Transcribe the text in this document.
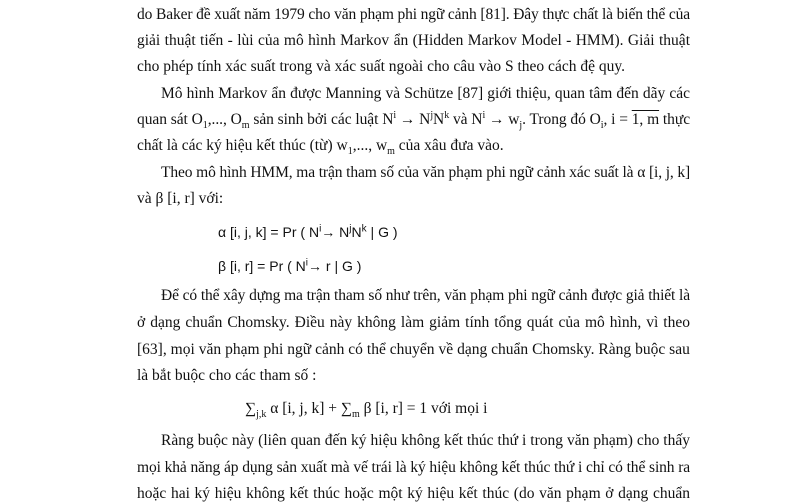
do Baker đề xuất năm 1979 cho văn phạm phi ngữ cảnh [81]. Đây thực chất là biến thể của
giải thuật tiến - lùi của mô hình Markov ẩn (Hidden Markov Model - HMM). Giải thuật
cho phép tính xác suất trong và xác suất ngoài cho câu vào S theo cách đệ quy.
Mô hình Markov ẩn được Manning và Schütze [87] giới thiệu, quan tâm đến dãy các
quan sát $O_1$,..., $O_m$ sản sinh bởi các luật $N^i \to N^jN^k$ và $N^i \to w_j$. Trong đó $O_i$, i = 1, m thực
chất là các ký hiệu kết thúc (từ) $w_1$,..., $w_m$ của xâu đưa vào.
Theo mô hình HMM, ma trận tham số của văn phạm phi ngữ cảnh xác suất là α [i, j, k]
và β [i, r] với:
α [i, j, k] = Pr ( $N^i\to N^jN^k$ | G )
β [i, r] = Pr ( $N^i\to r$ | G )
Để có thể xây dựng ma trận tham số như trên, văn phạm phi ngữ cảnh được giả thiết là
ở dạng chuẩn Chomsky. Điều này không làm giảm tính tổng quát của mô hình, vì theo
[63], mọi văn phạm phi ngữ cảnh có thể chuyển về dạng chuẩn Chomsky. Ràng buộc sau
là bắt buộc cho các tham số :
$\sum_{j,k}$ α [i, j, $k] + \sum_m$ β [i, r] = 1 với mọi i
Ràng buộc này (liên quan đến ký hiệu không kết thúc thứ i trong văn phạm) cho thấy
mọi khả năng áp dụng sản xuất mà vế trái là ký hiệu không kết thúc thứ i chỉ có thể sinh ra
hoặc hai ký hiệu không kết thúc hoặc một ký hiệu kết thúc (do văn phạm ở dạng chuẩn
